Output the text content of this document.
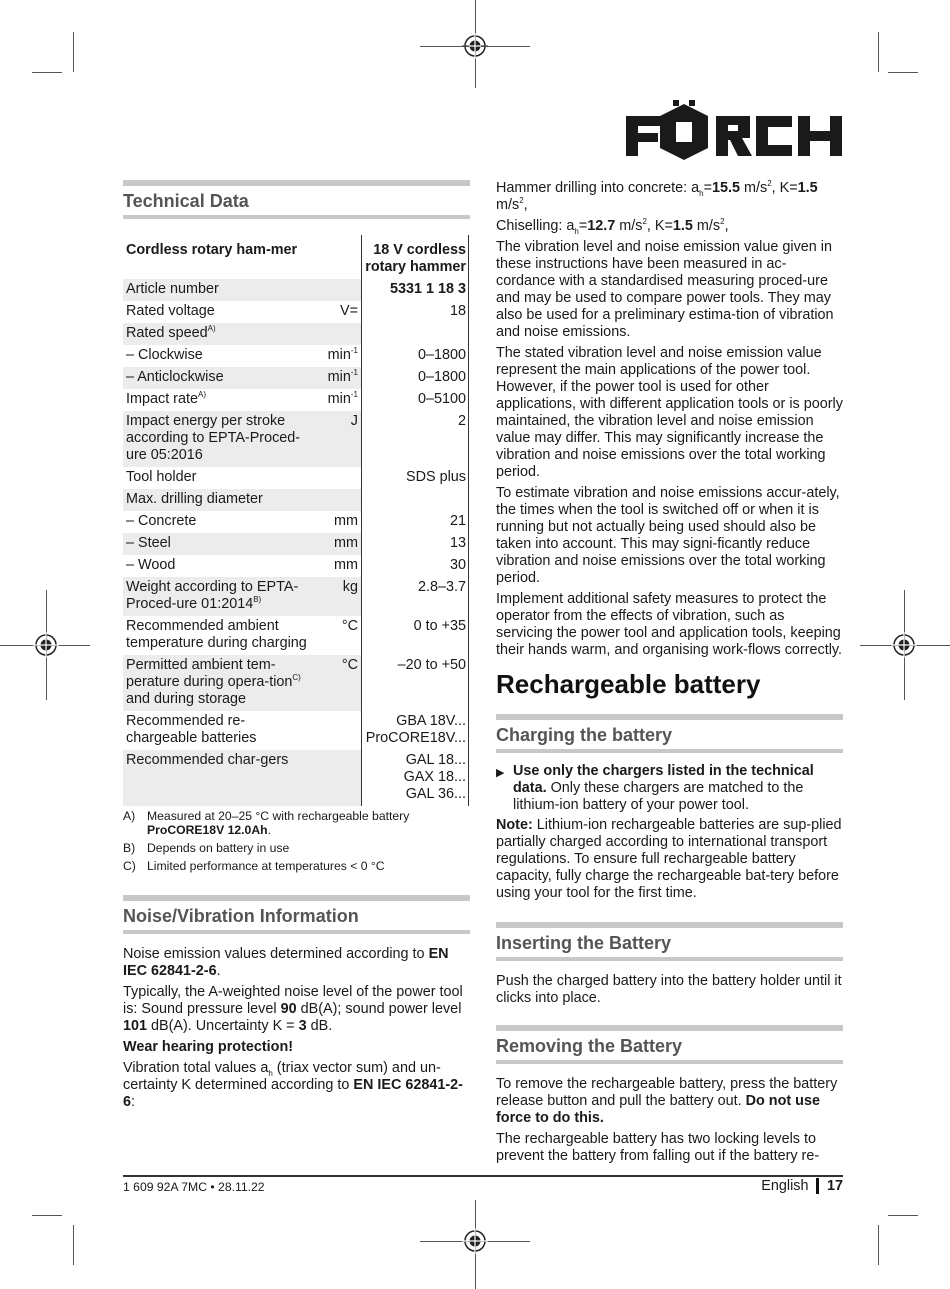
Technical Data
Cordless rotary ham-mer		18 V cordless
rotary hammer
Article number		5331 1 18 3
Rated voltage	V=	18
Rated speed$^{A)}$		
– Clockwise	$\min^{-1}$	0–1800
– Anticlockwise	$\min^{-1}$	0–1800
Impact rate$^{A)}$	$\min^{-1}$	0–5100
Impact energy per stroke according to EPTA-Proced-ure 05:2016	J	2
Tool holder		SDS plus
Max. drilling diameter		
– Concrete	mm	21
– Steel	mm	13
– Wood	mm	30
Weight according to EPTA-Proced-ure $01:2014^{B)}$	kg	2.8–3.7
Recommended ambient temperature during charging	°C	0 to +35
Permitted ambient tem-perature during opera-tion$^{C)}$ and during storage	°C	–20 to +50
Recommended re-chargeable batteries		GBA 18V...
ProCORE18V...
Recommended char-gers		GAL 18...
GAX 18...
GAL 36...
A) Measured at 20–25 °C with rechargeable battery ProCORE18V 12.0Ah.
B) Depends on battery in use
C) Limited performance at temperatures < 0 °C
Noise/Vibration Information

Noise emission values determined according to EN IEC 62841-2-6.

Typically, the A-weighted noise level of the power tool is: Sound pressure level 90 dB(A); sound power level 101 dB(A). Uncertainty K = 3 dB.

Wear hearing protection!

Vibration total values $a_h$ (triax vector sum) and un-certainty K determined according to EN IEC 62841-2-6:

Hammer drilling into concrete: $a_h=15.5$ $m/s^2$, K=1.5 $m/s^2$,

Chiselling: $a_h=12.7$ $m/s^2$, K=1.5 $m/s^2$,

The vibration level and noise emission value given in these instructions have been measured in ac-cordance with a standardised measuring proced-ure and may be used to compare power tools. They may also be used for a preliminary estima-tion of vibration and noise emissions.

The stated vibration level and noise emission value represent the main applications of the power tool. However, if the power tool is used for other applications, with different application tools or is poorly maintained, the vibration level and noise emission value may differ. This may significantly increase the vibration and noise emissions over the total working period.

To estimate vibration and noise emissions accur-ately, the times when the tool is switched off or when it is running but not actually being used should also be taken into account. This may signi-ficantly reduce vibration and noise emissions over the total working period.

Implement additional safety measures to protect the operator from the effects of vibration, such as servicing the power tool and application tools, keeping their hands warm, and organising work-flows correctly.

Rechargeable battery
Charging the battery
▶ Use only the chargers listed in the technical data. Only these chargers are matched to the lithium-ion battery of your power tool.

Note: Lithium-ion rechargeable batteries are sup-plied partially charged according to international transport regulations. To ensure full rechargeable battery capacity, fully charge the rechargeable bat-tery before using your tool for the first time.

Inserting the Battery

Push the charged battery into the battery holder until it clicks into place.

Removing the Battery

To remove the rechargeable battery, press the battery release button and pull the battery out. Do not use force to do this.

The rechargeable battery has two locking levels to prevent the battery from falling out if the battery re-

1 609 92A 7MC • 28.11.22	English 17
